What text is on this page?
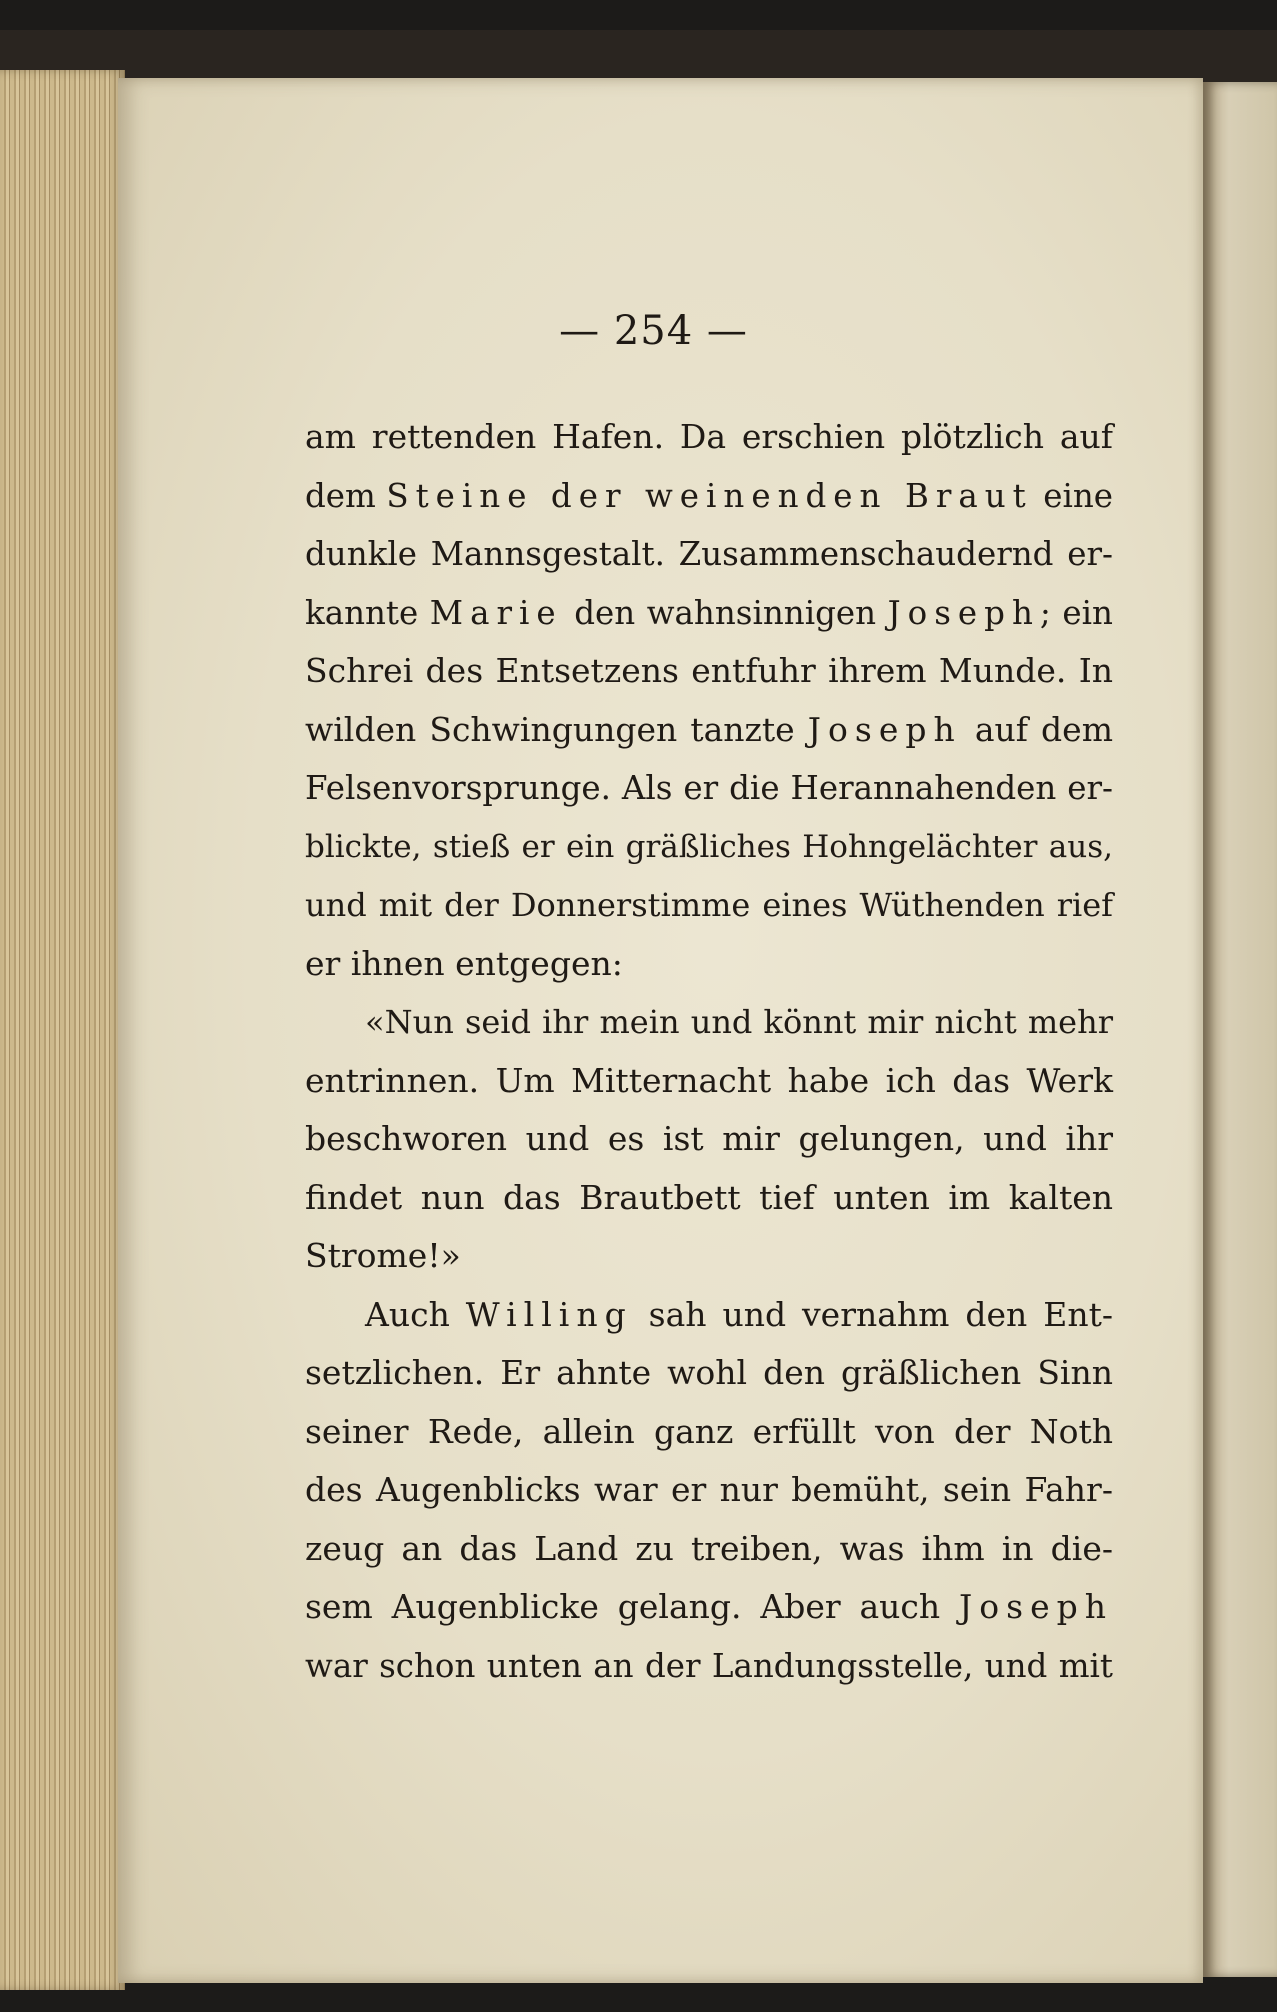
— 254 —
am rettenden Hafen. Da erschien plötzlich auf
dem Steine der weinenden Braut eine
dunkle Mannsgestalt. Zusammenschaudernd er-
kannte Marie den wahnsinnigen Joseph; ein
Schrei des Entsetzens entfuhr ihrem Munde. In
wilden Schwingungen tanzte Joseph auf dem
Felsenvorsprunge. Als er die Herannahenden er-
blickte, stieß er ein gräßliches Hohngelächter aus,
und mit der Donnerstimme eines Wüthenden rief
er ihnen entgegen:
«Nun seid ihr mein und könnt mir nicht mehr
entrinnen. Um Mitternacht habe ich das Werk
beschworen und es ist mir gelungen, und ihr
findet nun das Brautbett tief unten im kalten
Strome!»
Auch Willing sah und vernahm den Ent-
setzlichen. Er ahnte wohl den gräßlichen Sinn
seiner Rede, allein ganz erfüllt von der Noth
des Augenblicks war er nur bemüht, sein Fahr-
zeug an das Land zu treiben, was ihm in die-
sem Augenblicke gelang. Aber auch Joseph
war schon unten an der Landungsstelle, und mit
